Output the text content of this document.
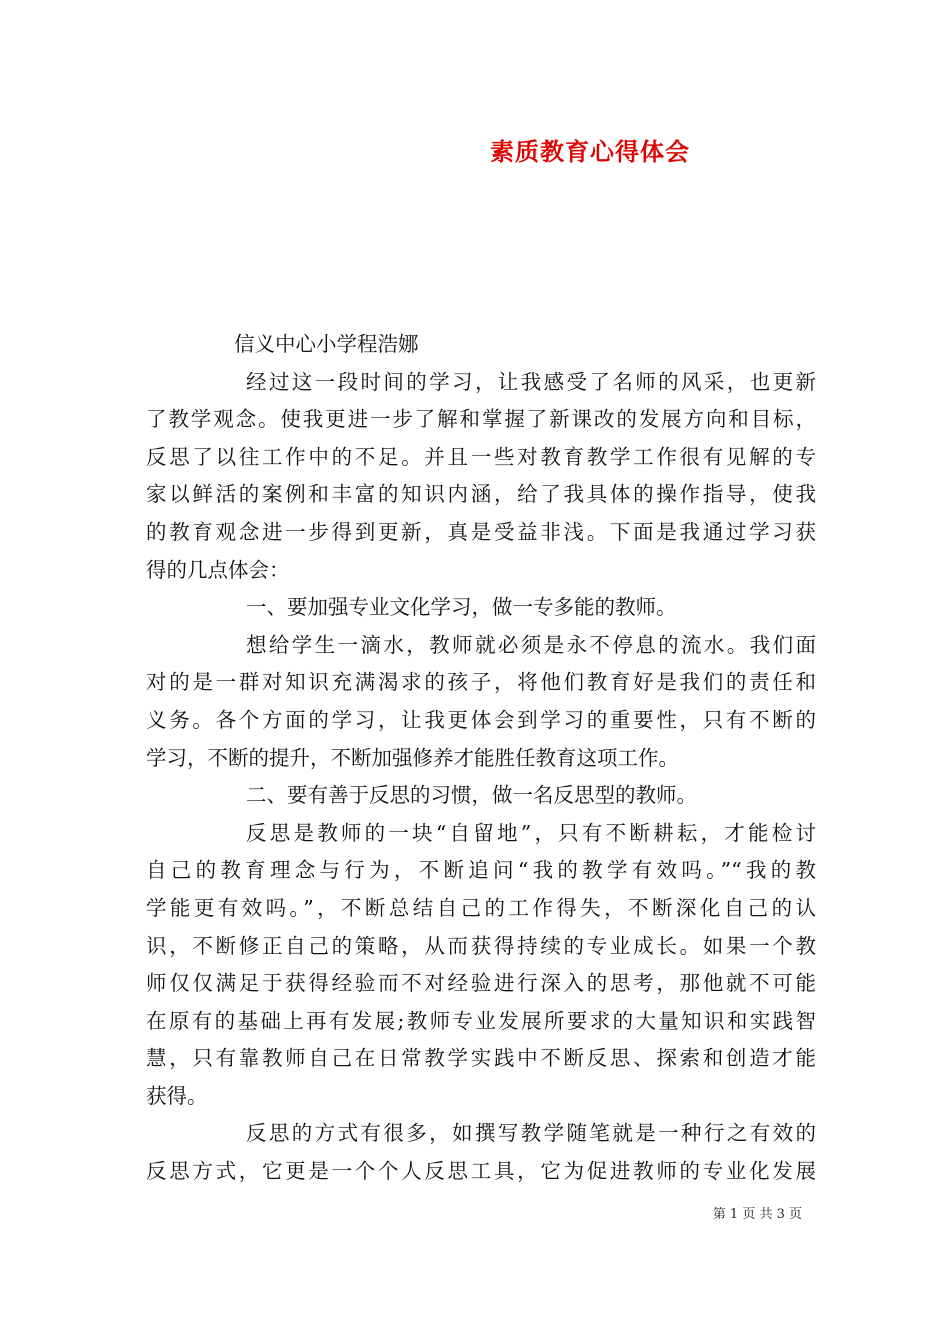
素质教育心得体会
信义中心小学程浩娜
经过这一段时间的学习，让我感受了名师的风采，也更新
了教学观念。使我更进一步了解和掌握了新课改的发展方向和目标，
反思了以往工作中的不足。并且一些对教育教学工作很有见解的专
家以鲜活的案例和丰富的知识内涵，给了我具体的操作指导，使我
的教育观念进一步得到更新，真是受益非浅。下面是我通过学习获
得的几点体会：
一、要加强专业文化学习，做一专多能的教师。
想给学生一滴水，教师就必须是永不停息的流水。我们面
对的是一群对知识充满渴求的孩子，将他们教育好是我们的责任和
义务。各个方面的学习，让我更体会到学习的重要性，只有不断的
学习，不断的提升，不断加强修养才能胜任教育这项工作。
二、要有善于反思的习惯，做一名反思型的教师。
反思是教师的一块“自留地”，只有不断耕耘，才能检讨
自己的教育理念与行为，不断追问“我的教学有效吗。”“我的教
学能更有效吗。”，不断总结自己的工作得失，不断深化自己的认
识，不断修正自己的策略，从而获得持续的专业成长。如果一个教
师仅仅满足于获得经验而不对经验进行深入的思考，那他就不可能
在原有的基础上再有发展;教师专业发展所要求的大量知识和实践智
慧，只有靠教师自己在日常教学实践中不断反思、探索和创造才能
获得。
反思的方式有很多，如撰写教学随笔就是一种行之有效的
反思方式，它更是一个个人反思工具，它为促进教师的专业化发展
第 1 页 共 3 页
